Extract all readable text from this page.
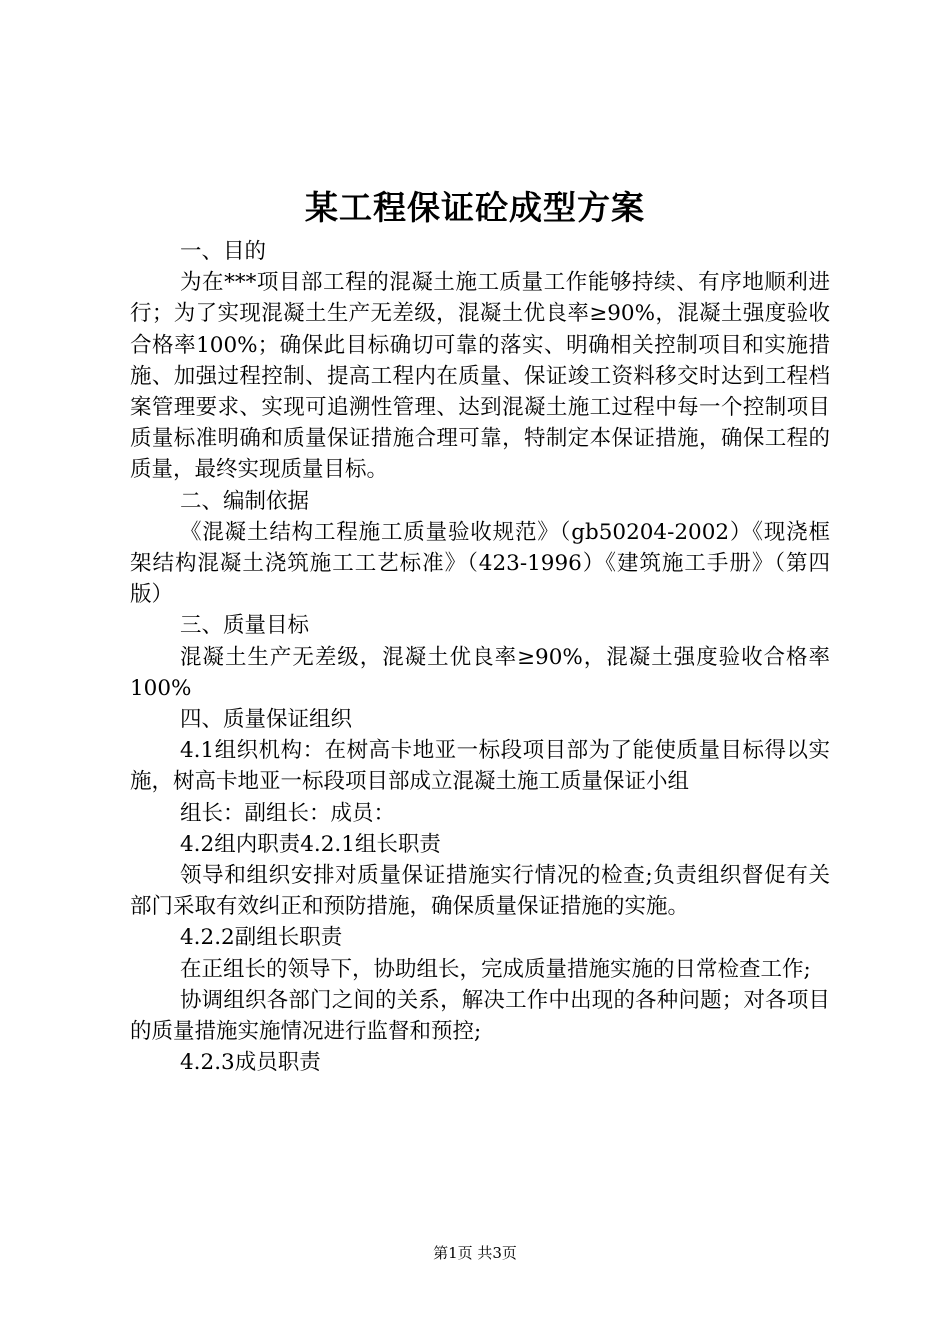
某工程保证砼成型方案

一、目的

为在***项目部工程的混凝土施工质量工作能够持续、有序地顺利进行；为了实现混凝土生产无差级，混凝土优良率≥90%，混凝土强度验收合格率100%；确保此目标确切可靠的落实、明确相关控制项目和实施措施、加强过程控制、提高工程内在质量、保证竣工资料移交时达到工程档案管理要求、实现可追溯性管理、达到混凝土施工过程中每一个控制项目质量标准明确和质量保证措施合理可靠，特制定本保证措施，确保工程的质量，最终实现质量目标。

二、编制依据

《混凝土结构工程施工质量验收规范》（gb50204-2002）《现浇框架结构混凝土浇筑施工工艺标准》（423-1996）《建筑施工手册》（第四版）

三、质量目标

混凝土生产无差级，混凝土优良率≥90%，混凝土强度验收合格率100%

四、质量保证组织

4.1组织机构：在树高卡地亚一标段项目部为了能使质量目标得以实施，树高卡地亚一标段项目部成立混凝土施工质量保证小组

组长：副组长：成员：

4.2组内职责4.2.1组长职责

领导和组织安排对质量保证措施实行情况的检查;负责组织督促有关部门采取有效纠正和预防措施，确保质量保证措施的实施。

4.2.2副组长职责

在正组长的领导下，协助组长，完成质量措施实施的日常检查工作;

协调组织各部门之间的关系，解决工作中出现的各种问题；对各项目的质量措施实施情况进行监督和预控;

4.2.3成员职责

第1页 共3页
